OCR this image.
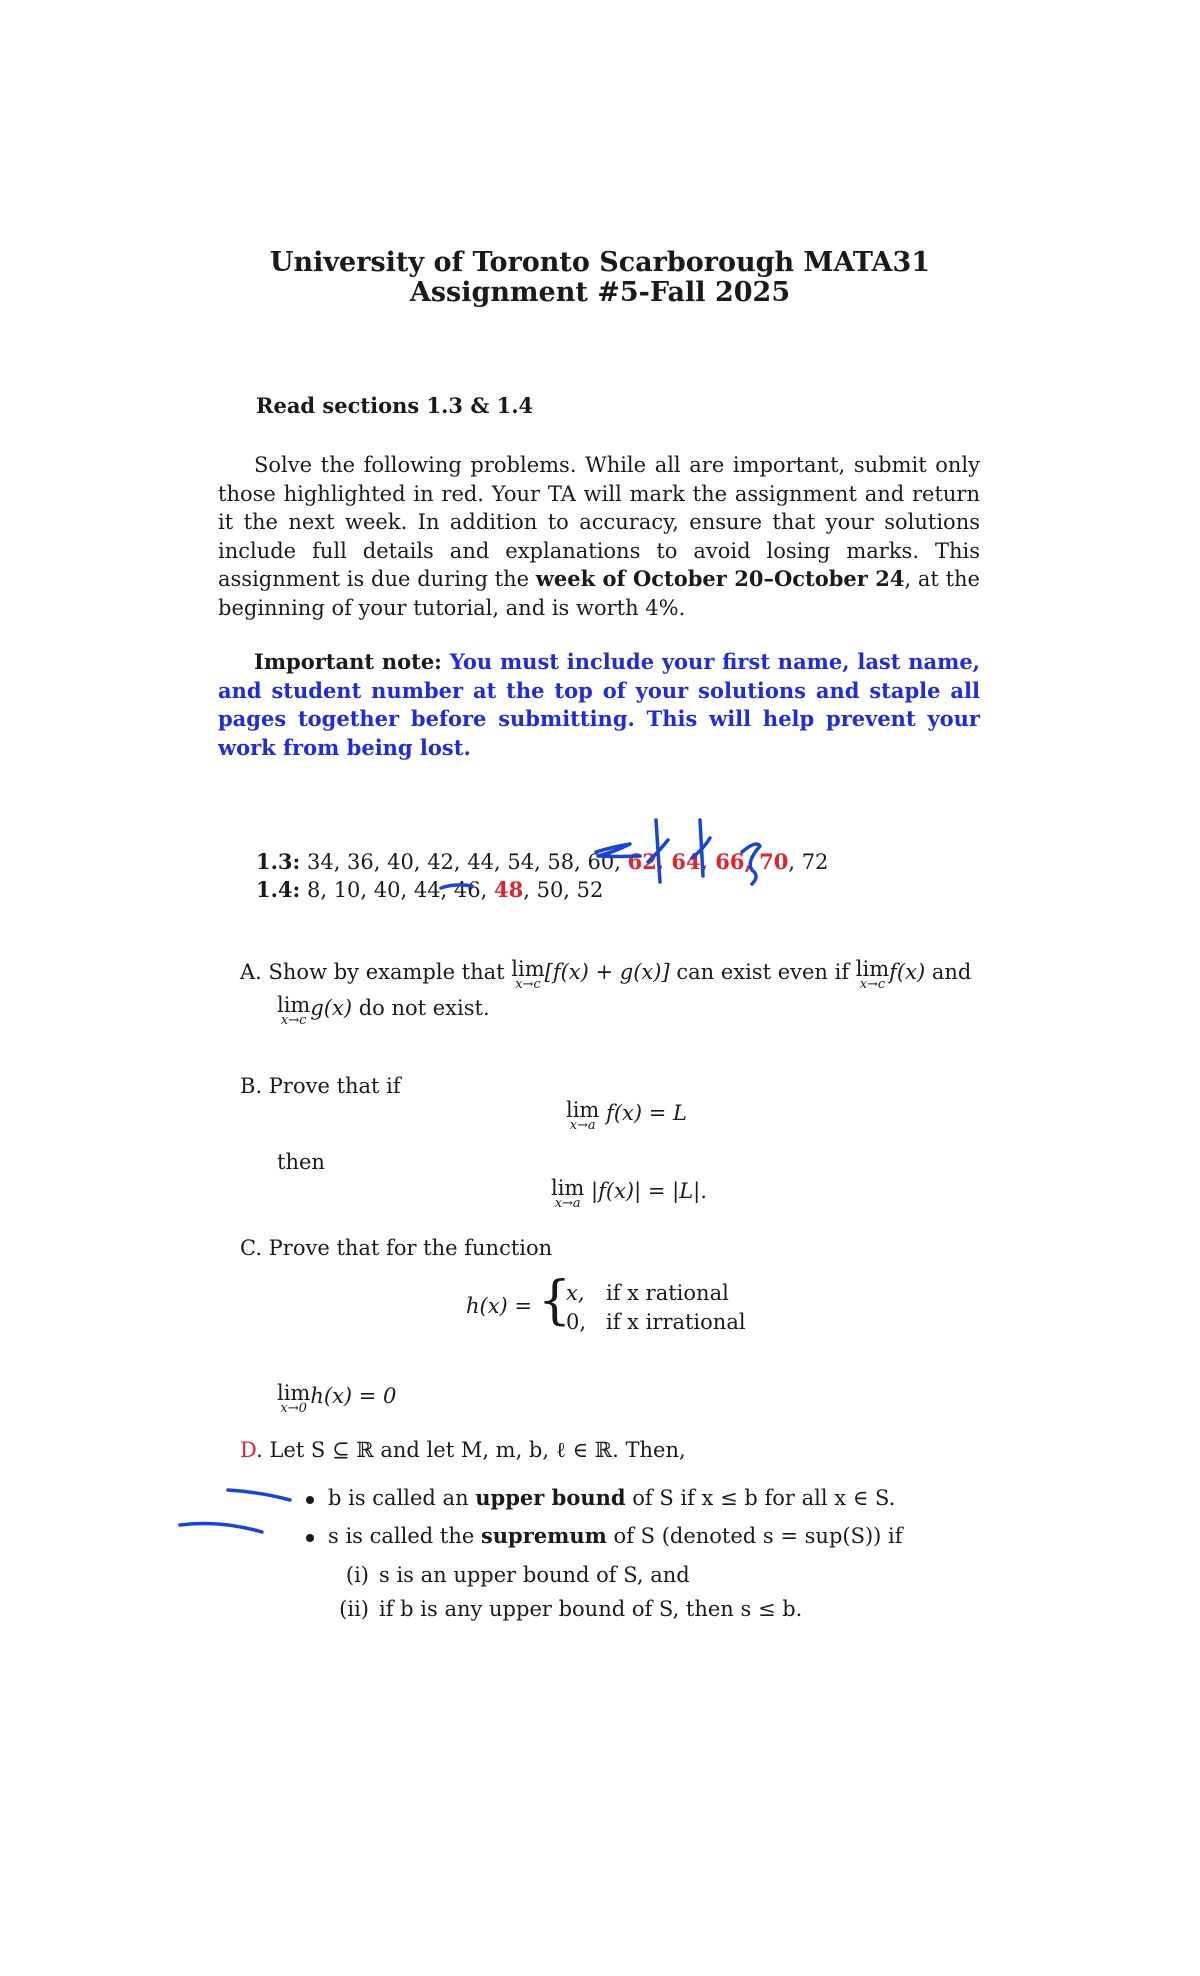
University of Toronto Scarborough MATA31
Assignment #5-Fall 2025
Read sections 1.3 & 1.4
Solve the following problems. While all are important, submit only those highlighted in red. Your TA will mark the assignment and return it the next week. In addition to accuracy, ensure that your solutions include full details and explanations to avoid losing marks. This assignment is due during the week of October 20–October 24, at the beginning of your tutorial, and is worth 4%.
Important note: You must include your first name, last name, and student number at the top of your solutions and staple all pages together before submitting. This will help prevent your work from being lost.
1.3: 34, 36, 40, 42, 44, 54, 58, 60, 62, 64, 66, 70, 72
1.4: 8, 10, 40, 44, 46, 48, 50, 52
A. Show by example that lim
x→c
[f(x) + g(x)] can exist even if lim
x→c
f(x) and
lim
x→c
g(x) do not exist.
B. Prove that if
lim
x→a
f(x) = L
then
lim
x→a
|f(x)| = |L|.
C. Prove that for the function
h(x) = {
x, if x rational
0, if x irrational
lim
x→0
h(x) = 0
D. Let S ⊆ ℝ and let M, m, b, ℓ ∈ ℝ. Then,
b is called an upper bound of S if x ≤ b for all x ∈ S.
s is called the supremum of S (denoted s = sup(S)) if
(i) s is an upper bound of S, and
(ii) if b is any upper bound of S, then s ≤ b.
